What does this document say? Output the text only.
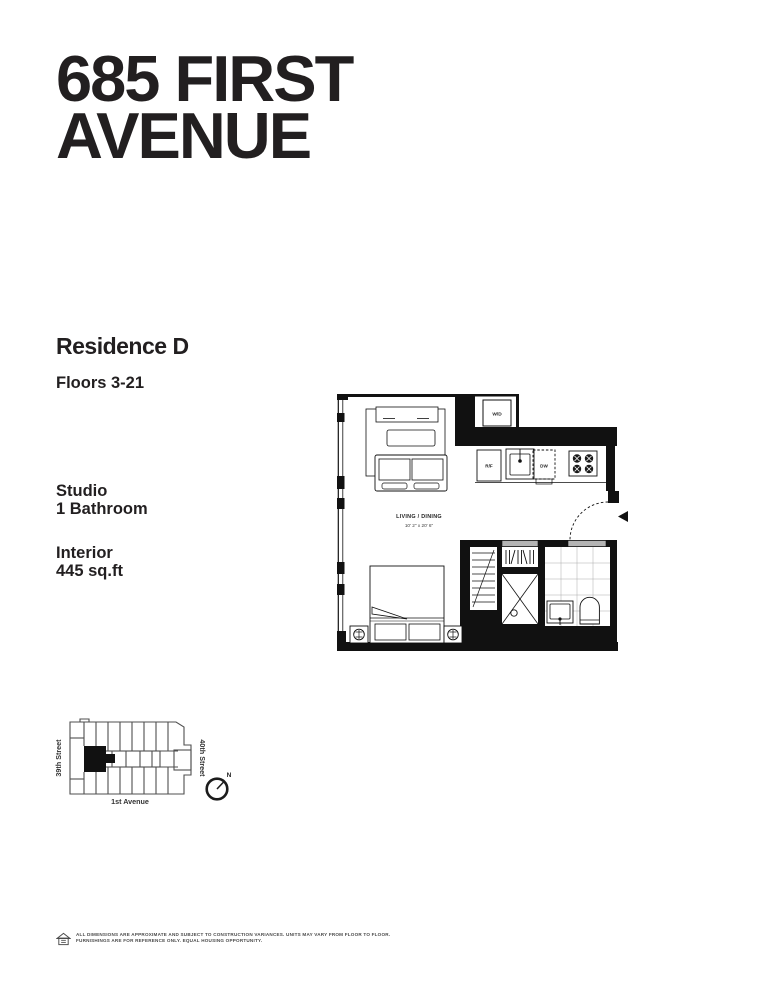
685 FIRST
AVENUE
Residence D
Floors 3-21
Studio
1 Bathroom
Interior
445 sq.ft
W/D
R/F	DW
LIVING / DINING
10' 2" x 20' 6"
39th Street	40th Street
1st Avenue
N
ALL DIMENSIONS ARE APPROXIMATE AND SUBJECT TO CONSTRUCTION VARIANCES. UNITS MAY VARY FROM FLOOR TO FLOOR.
FURNISHINGS ARE FOR REFERENCE ONLY. EQUAL HOUSING OPPORTUNITY.
